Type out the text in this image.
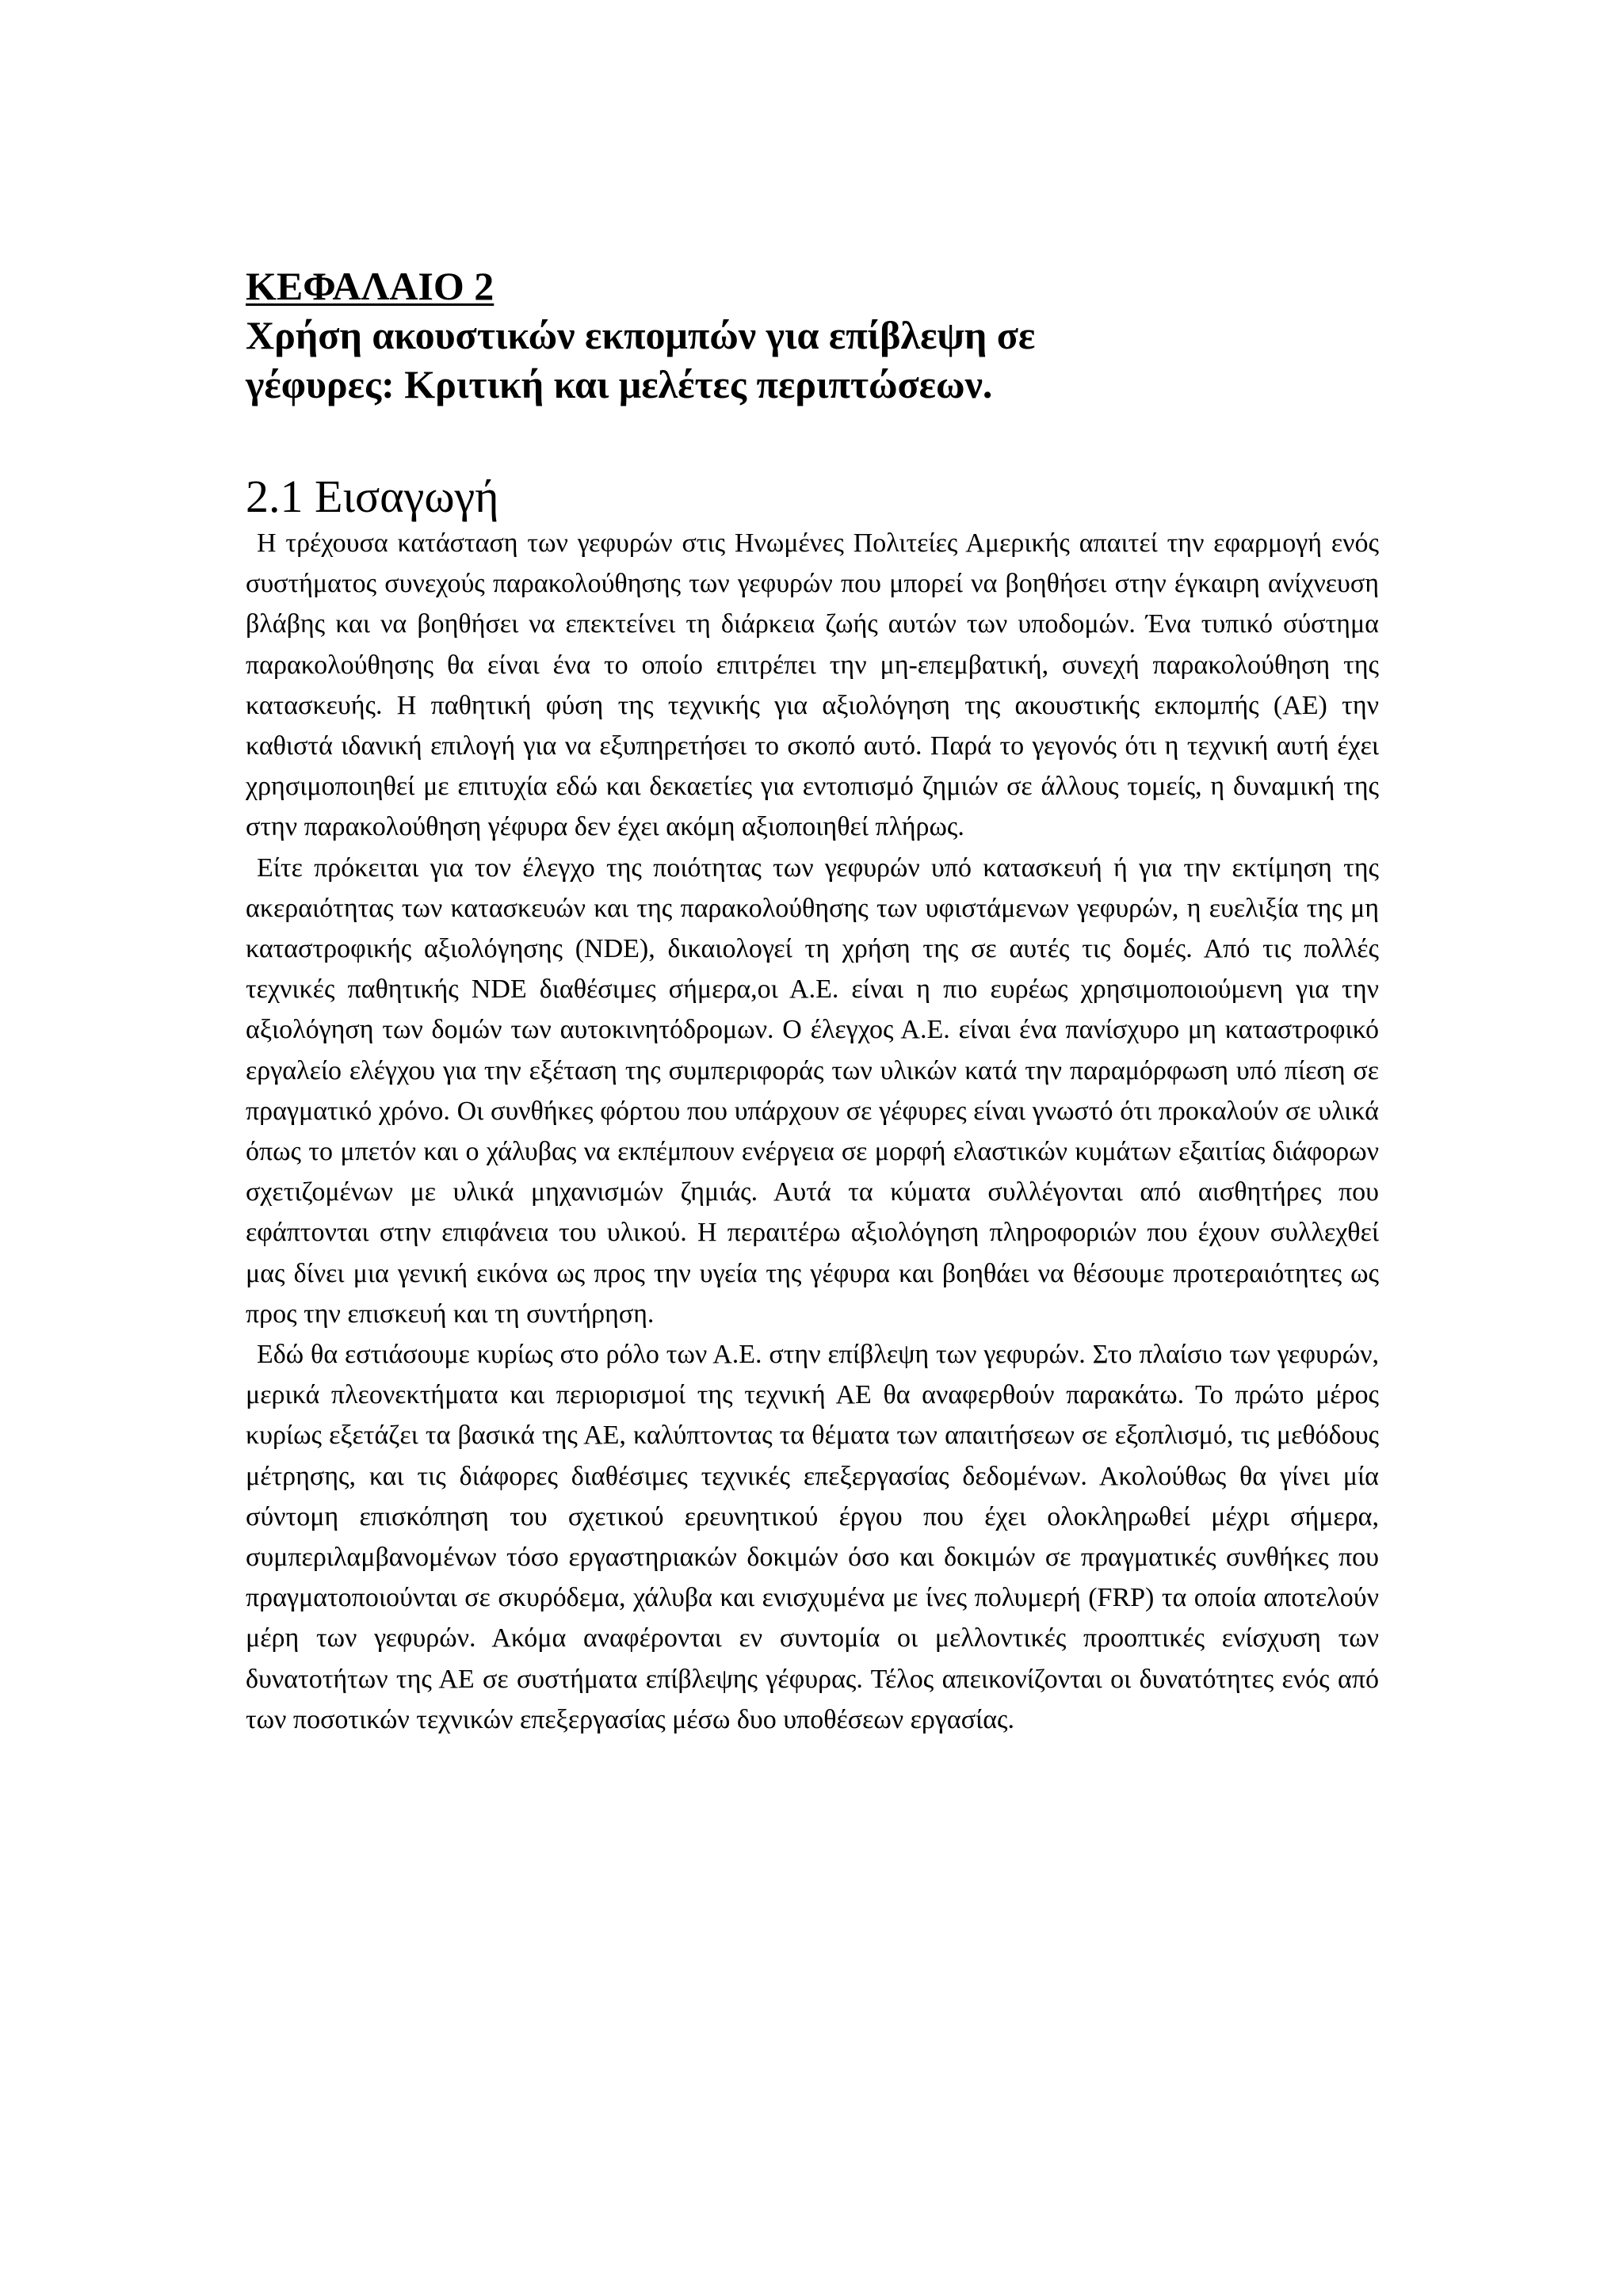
ΚΕΦΑΛΑΙΟ 2
Χρήση ακουστικών εκπομπών για επίβλεψη σε
γέφυρες: Κριτική και μελέτες περιπτώσεων.
2.1 Εισαγωγή

Η τρέχουσα κατάσταση των γεφυρών στις Ηνωμένες Πολιτείες Αμερικής απαιτεί την εφαρμογή ενός συστήματος συνεχούς παρακολούθησης των γεφυρών που μπορεί να βοηθήσει στην έγκαιρη ανίχνευση βλάβης και να βοηθήσει να επεκτείνει τη διάρκεια ζωής αυτών των υποδομών. Ένα τυπικό σύστημα παρακολούθησης θα είναι ένα το οποίο επιτρέπει την μη-επεμβατική, συνεχή παρακολούθηση της κατασκευής. Η παθητική φύση της τεχνικής για αξιολόγηση της ακουστικής εκπομπής (ΑΕ) την καθιστά ιδανική επιλογή για να εξυπηρετήσει το σκοπό αυτό. Παρά το γεγονός ότι η τεχνική αυτή έχει χρησιμοποιηθεί με επιτυχία εδώ και δεκαετίες για εντοπισμό ζημιών σε άλλους τομείς, η δυναμική της στην παρακολούθηση γέφυρα δεν έχει ακόμη αξιοποιηθεί πλήρως.

Είτε πρόκειται για τον έλεγχο της ποιότητας των γεφυρών υπό κατασκευή ή για την εκτίμηση της ακεραιότητας των κατασκευών και της παρακολούθησης των υφιστάμενων γεφυρών, η ευελιξία της μη καταστροφικής αξιολόγησης (NDE), δικαιολογεί τη χρήση της σε αυτές τις δομές. Από τις πολλές τεχνικές παθητικής NDE διαθέσιμες σήμερα,οι Α.Ε. είναι η πιο ευρέως χρησιμοποιούμενη για την αξιολόγηση των δομών των αυτοκινητόδρομων. Ο έλεγχος Α.Ε. είναι ένα πανίσχυρο μη καταστροφικό εργαλείο ελέγχου για την εξέταση της συμπεριφοράς των υλικών κατά την παραμόρφωση υπό πίεση σε πραγματικό χρόνο. Οι συνθήκες φόρτου που υπάρχουν σε γέφυρες είναι γνωστό ότι προκαλούν σε υλικά όπως το μπετόν και ο χάλυβας να εκπέμπουν ενέργεια σε μορφή ελαστικών κυμάτων εξαιτίας διάφορων σχετιζομένων με υλικά μηχανισμών ζημιάς. Αυτά τα κύματα συλλέγονται από αισθητήρες που εφάπτονται στην επιφάνεια του υλικού. Η περαιτέρω αξιολόγηση πληροφοριών που έχουν συλλεχθεί μας δίνει μια γενική εικόνα ως προς την υγεία της γέφυρα και βοηθάει να θέσουμε προτεραιότητες ως προς την επισκευή και τη συντήρηση.

Εδώ θα εστιάσουμε κυρίως στο ρόλο των Α.Ε. στην επίβλεψη των γεφυρών. Στο πλαίσιο των γεφυρών, μερικά πλεονεκτήματα και περιορισμοί της τεχνική ΑΕ θα αναφερθούν παρακάτω. Το πρώτο μέρος κυρίως εξετάζει τα βασικά της ΑΕ, καλύπτοντας τα θέματα των απαιτήσεων σε εξοπλισμό, τις μεθόδους μέτρησης, και τις διάφορες διαθέσιμες τεχνικές επεξεργασίας δεδομένων. Ακολούθως θα γίνει μία σύντομη επισκόπηση του σχετικού ερευνητικού έργου που έχει ολοκληρωθεί μέχρι σήμερα, συμπεριλαμβανομένων τόσο εργαστηριακών δοκιμών όσο και δοκιμών σε πραγματικές συνθήκες που πραγματοποιούνται σε σκυρόδεμα, χάλυβα και ενισχυμένα με ίνες πολυμερή (FRP) τα οποία αποτελούν μέρη των γεφυρών. Ακόμα αναφέρονται εν συντομία οι μελλοντικές προοπτικές ενίσχυση των δυνατοτήτων της ΑΕ σε συστήματα επίβλεψης γέφυρας. Τέλος απεικονίζονται οι δυνατότητες ενός από των ποσοτικών τεχνικών επεξεργασίας μέσω δυο υποθέσεων εργασίας.
